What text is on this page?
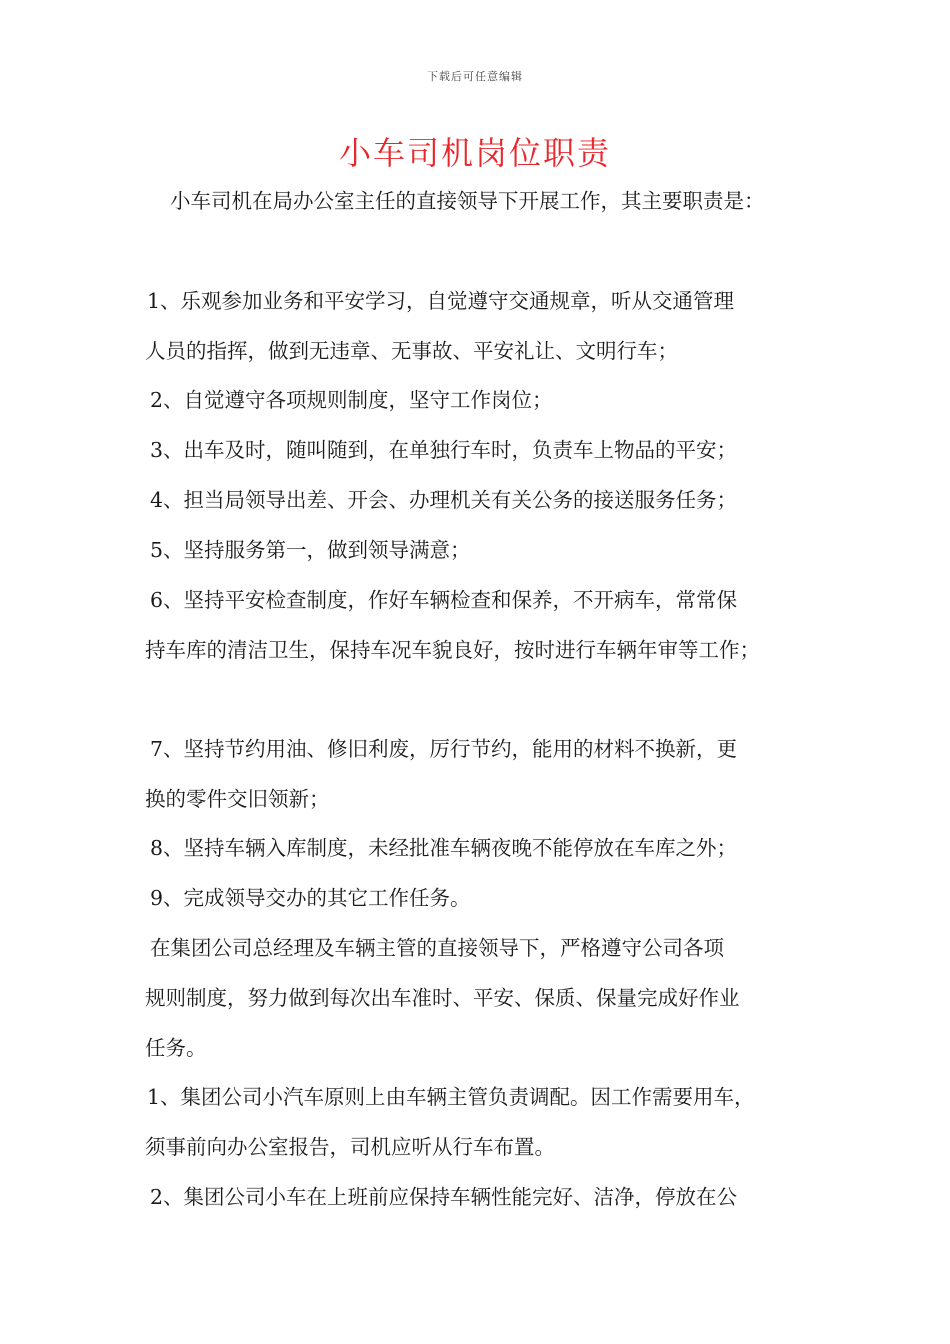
下载后可任意编辑
小车司机岗位职责
小车司机在局办公室主任的直接领导下开展工作，其主要职责是：
1、乐观参加业务和平安学习，自觉遵守交通规章，听从交通管理
人员的指挥，做到无违章、无事故、平安礼让、文明行车；
2、自觉遵守各项规则制度，坚守工作岗位；
3、出车及时，随叫随到，在单独行车时，负责车上物品的平安；
4、担当局领导出差、开会、办理机关有关公务的接送服务任务；
5、坚持服务第一，做到领导满意；
6、坚持平安检查制度，作好车辆检查和保养，不开病车，常常保
持车库的清洁卫生，保持车况车貌良好，按时进行车辆年审等工作；
7、坚持节约用油、修旧利废，厉行节约，能用的材料不换新，更
换的零件交旧领新；
8、坚持车辆入库制度，未经批准车辆夜晚不能停放在车库之外；
9、完成领导交办的其它工作任务。
在集团公司总经理及车辆主管的直接领导下，严格遵守公司各项
规则制度，努力做到每次出车准时、平安、保质、保量完成好作业
任务。
1、集团公司小汽车原则上由车辆主管负责调配。因工作需要用车，
须事前向办公室报告，司机应听从行车布置。
2、集团公司小车在上班前应保持车辆性能完好、洁净，停放在公
